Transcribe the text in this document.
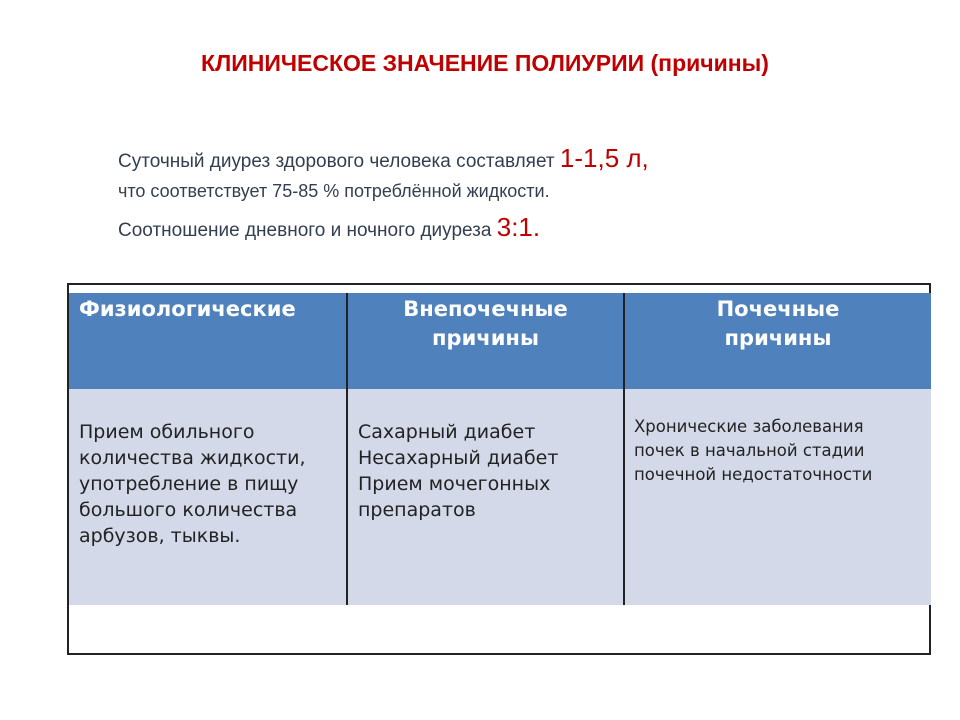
КЛИНИЧЕСКОЕ ЗНАЧЕНИЕ ПОЛИУРИИ (причины)
Суточный диурез здорового человека составляет 1-1,5 л,
что соответствует 75-85 % потреблённой жидкости.
Соотношение дневного и ночного диуреза 3:1.
Физиологические	Внепочечные
причины
Почечные
причины
Прием обильного
количества жидкости,
употребление в пищу
большого количества
арбузов, тыквы.
Сахарный диабет
Несахарный диабет
Прием мочегонных
препаратов
Хронические заболевания
почек в начальной стадии
почечной недостаточности
